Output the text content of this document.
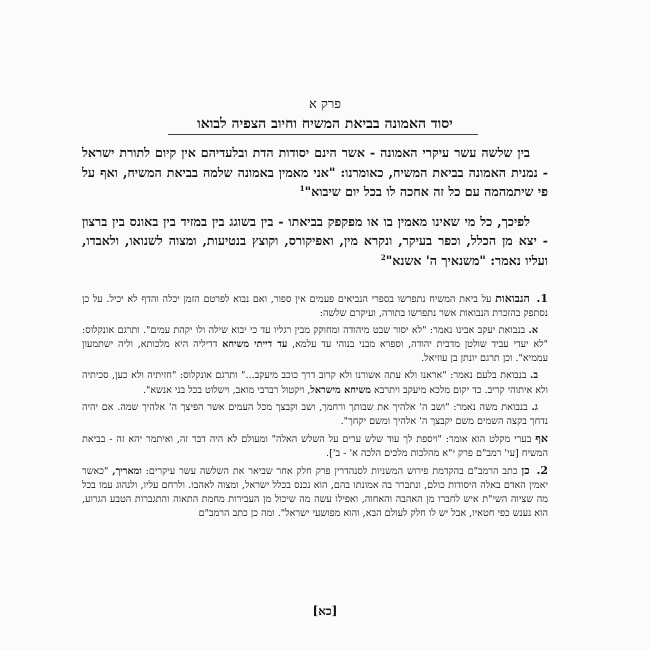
פרק א
יסוד האמונה בביאת המשיח וחיוב הצפיה לבואו

בין שלשה עשר עיקרי האמונה - אשר הינם יסודות הדת ובלעדיהם אין קיום לתורת ישראל - נמנית האמונה בביאת המשיח, כאומרנו: "אני מאמין באמונה שלמה בביאת המשיח, ואף על פי שיתמהמה עם כל זה אחכה לו בכל יום שיבוא"$^1$

לפיכך, כל מי שאינו מאמין בו או מפקפק בביאתו - בין בשוגג בין במזיד בין באונס בין ברצון - יצא מן הכלל, וכפר בעיקר, ונקרא מין, ואפיקורס, וקוצץ בנטיעות, ומצוה לשנואו, ולאבדו, ועליו נאמר: "משנאיך ה' אשנא"$^2$

1. הנבואות על ביאת המשיח נתפרשו בספרי הנביאים פעמים אין ספור, ואם נבוא לפרטם הזמן יכלה והדף לא יכיל. על כן נסתפק בהזכרת הנבואות אשר נתפרשו בתורה, ועיקרם שלשה:

א. בנבואת יעקב אבינו נאמר: "לא יסור שבט מיהודה ומחוקק מבין רגליו עד כי יבוא שילה ולו יקהת עמים". ותרגם אונקלוס: "לא יעדי עביד שולטן מדבית יהודה, וספרא מבני בנוהי עד עלמא, עד דייתי משיחא דדיליה היא מלכותא, וליה ישתמעון עממיא". וכן תרגם יונתן בן עוזיאל.

ב. בנבואת בלעם נאמר: "אראנו ולא עתה אשורנו ולא קרוב דרך כוכב מיעקב..." ותרגם אונקלוס: "חזיתיה ולא כען, סכיתיה ולא איתוהי קריב. כד יקום מלכא מיעקב ויתרבא משיחא מישראל, ויקטול רברבי מואב, וישלוט בכל בני אנשא".

ג. בנבואת משה נאמר: "ושב ה' אלהיך את שבותך ורחמך, ושב וקבצך מכל העמים אשר הפיצך ה' אלהיך שמה. אם יהיה נדחך בקצה השמים משם יקבצך ה' אלהיך ומשם יקחך".

אף בערי מקלט הוא אומר: "ויספת לך עוד שלש ערים על השלש האלה" ומעולם לא היה דבר זה, ואיתמר יהא זה - בביאת המשיח [עי' רמב"ם פרק י"א מהלכות מלכים הלכה א' - ב'].

2. כן כתב הרמב"ם בהקדמת פירוש המשניות לסנהדרין פרק חלק אחר שביאר את השלשה עשר עיקרים: ומאריך, "כאשר יאמין האדם באלה היסודות כולם, ונתברר בה אמונתו בהם, הוא נכנס בכלל ישראל, ומצוה לאהבו. ולרחם עליו, ולנהוג עמו בכל מה שציוה השי"ת איש לחברו מן האהבה והאחוה, ואפילו עשה מה שיכול מן העבירות מחמת התאוה והתגברות הטבע הגרוע, הוא נענש כפי חטאיו, אבל יש לו חלק לעולם הבא, והוא מפושעי ישראל". ומה כן כתב הרמב"ם

[כא]
